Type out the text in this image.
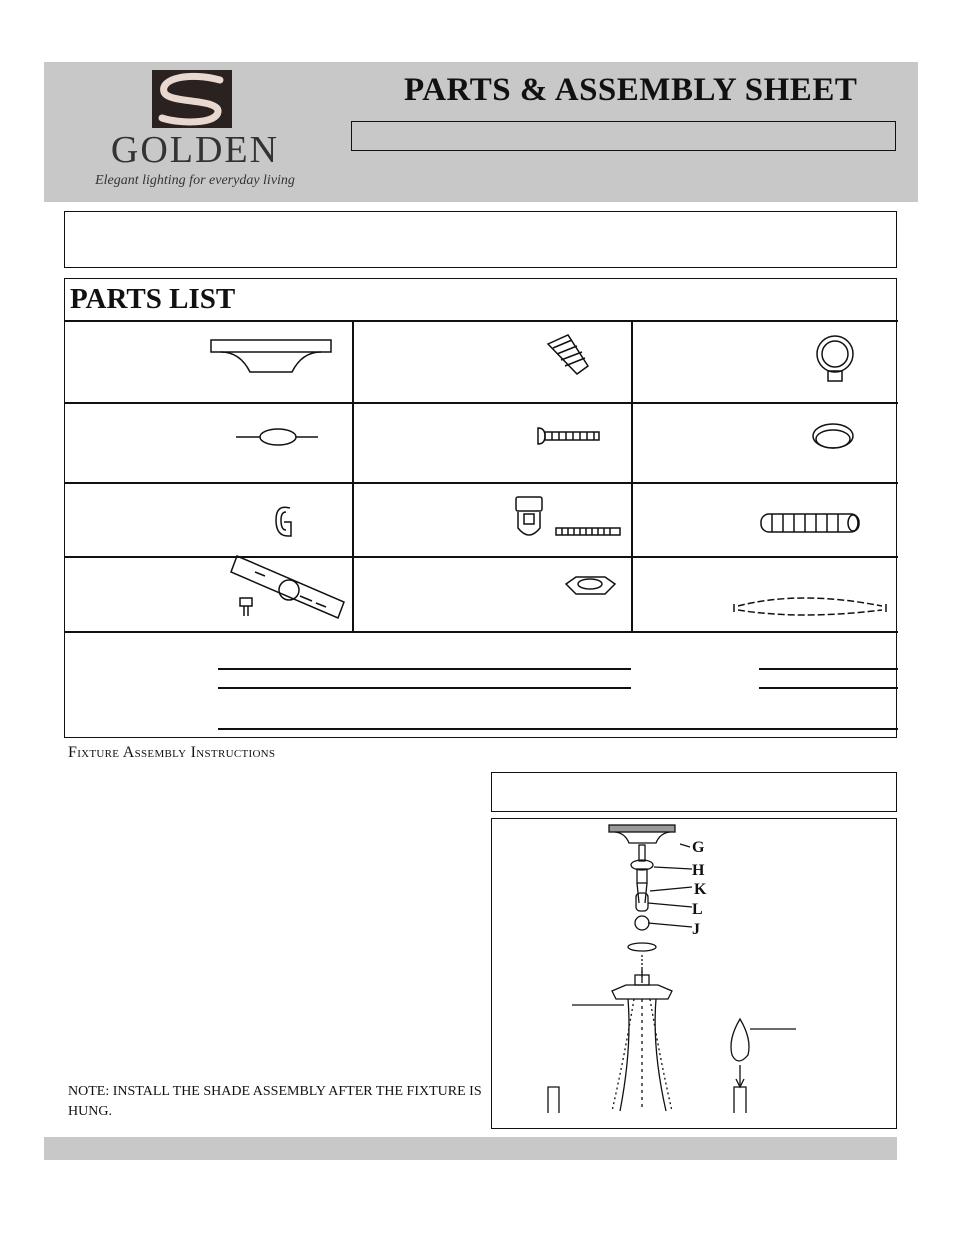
GOLDEN
Elegant lighting for everyday living
PARTS & ASSEMBLY SHEET
PARTS LIST
Fixture Assembly Instructions
NOTE: INSTALL THE SHADE ASSEMBLY AFTER THE FIXTURE IS HUNG.
G
H
K
L
J
